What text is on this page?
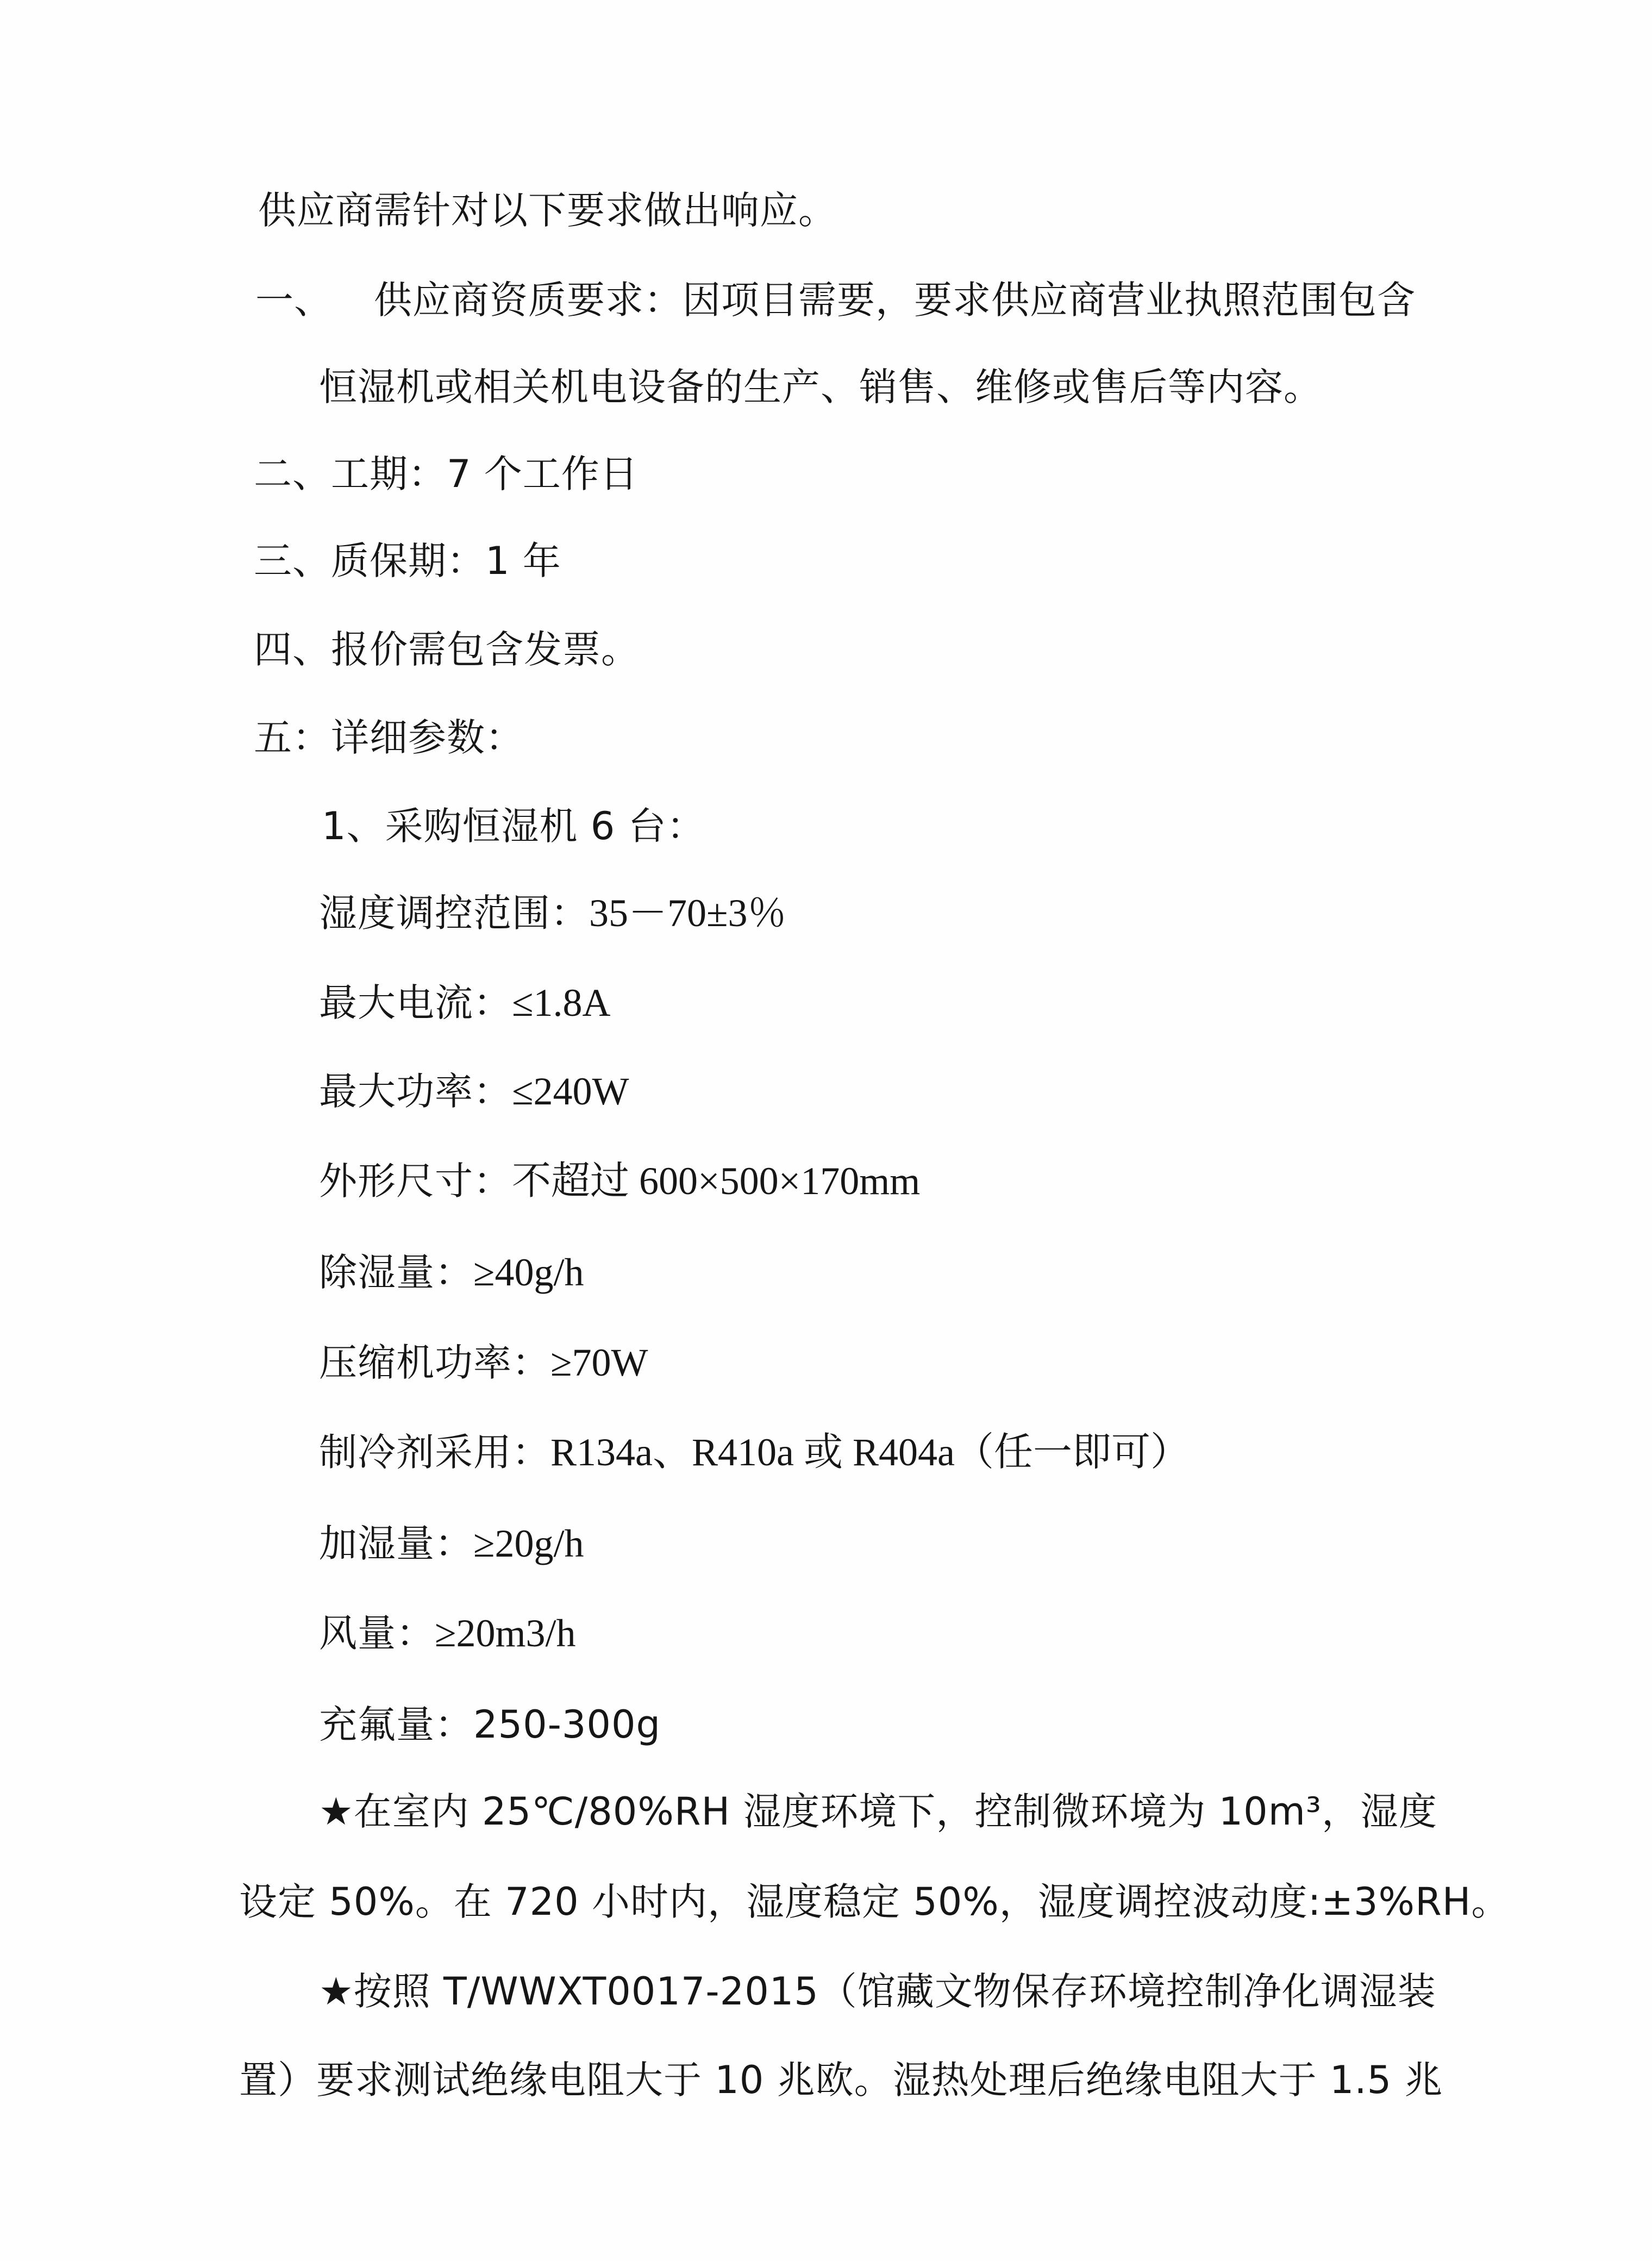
供应商需针对以下要求做出响应。
一、 供应商资质要求：因项目需要，要求供应商营业执照范围包含
恒湿机或相关机电设备的生产、销售、维修或售后等内容。
二、工期：7 个工作日
三、质保期：1 年
四、报价需包含发票。
五：详细参数：
1、采购恒湿机 6 台：
湿度调控范围：35－70±3％
最大电流：≤1.8A
最大功率：≤240W
外形尺寸：不超过 600×500×170mm
除湿量：≥40g/h
压缩机功率：≥70W
制冷剂采用：R134a、R410a 或 R404a（任一即可）
加湿量：≥20g/h
风量：≥20m3/h
充氟量：250-300g
★在室内 25℃/80%RH 湿度环境下，控制微环境为 10m³，湿度
设定 50%。在 720 小时内，湿度稳定 50%，湿度调控波动度:±3%RH。
★按照 T/WWXT0017-2015（馆藏文物保存环境控制净化调湿装
置）要求测试绝缘电阻大于 10 兆欧。湿热处理后绝缘电阻大于 1.5 兆
